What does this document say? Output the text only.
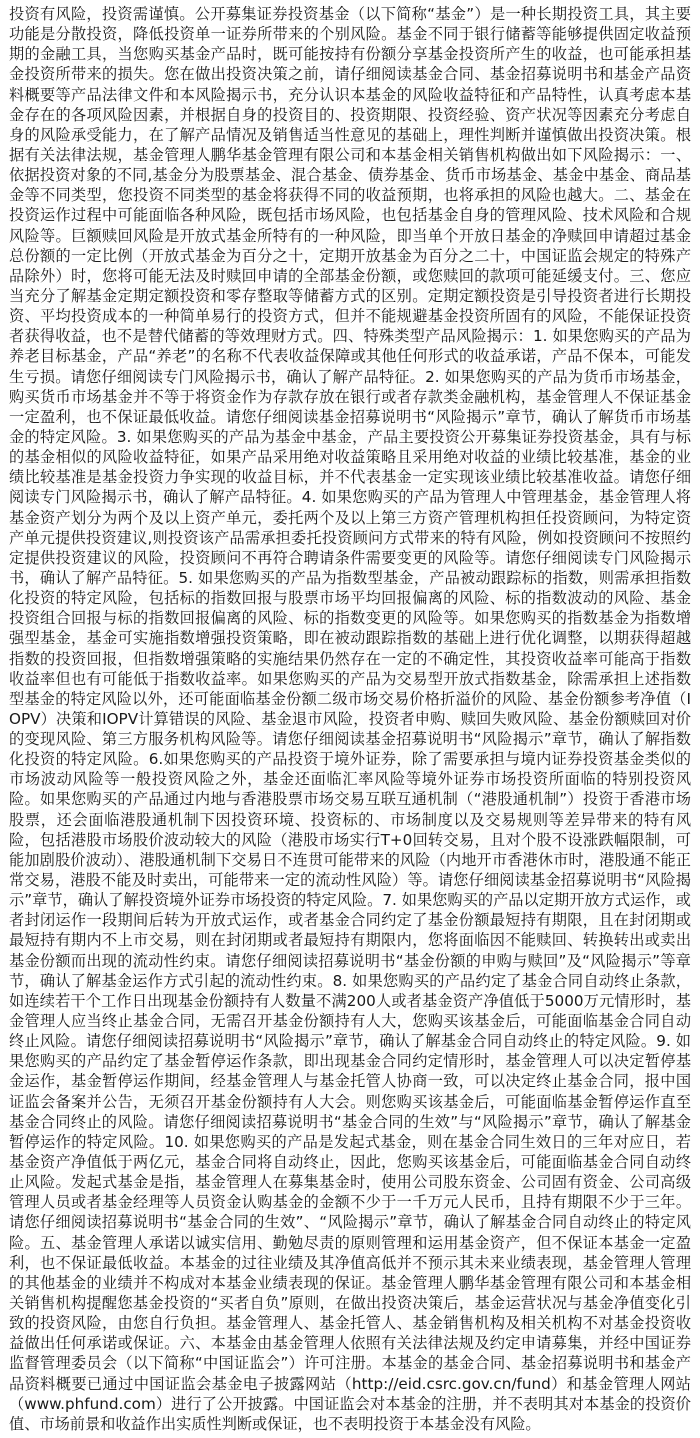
投资有风险，投资需谨慎。公开募集证券投资基金（以下简称“基金”）是一种长期投资工具，其主要功能是分散投资，降低投资单一证券所带来的个别风险。基金不同于银行储蓄等能够提供固定收益预期的金融工具，当您购买基金产品时，既可能按持有份额分享基金投资所产生的收益，也可能承担基金投资所带来的损失。您在做出投资决策之前，请仔细阅读基金合同、基金招募说明书和基金产品资料概要等产品法律文件和本风险揭示书，充分认识本基金的风险收益特征和产品特性，认真考虑本基金存在的各项风险因素，并根据自身的投资目的、投资期限、投资经验、资产状况等因素充分考虑自身的风险承受能力，在了解产品情况及销售适当性意见的基础上，理性判断并谨慎做出投资决策。根据有关法律法规，基金管理人鹏华基金管理有限公司和本基金相关销售机构做出如下风险揭示：一、依据投资对象的不同,基金分为股票基金、混合基金、债券基金、货币市场基金、基金中基金、商品基金等不同类型，您投资不同类型的基金将获得不同的收益预期，也将承担的风险也越大。二、基金在投资运作过程中可能面临各种风险，既包括市场风险，也包括基金自身的管理风险、技术风险和合规风险等。巨额赎回风险是开放式基金所特有的一种风险，即当单个开放日基金的净赎回申请超过基金总份额的一定比例（开放式基金为百分之十，定期开放基金为百分之二十，中国证监会规定的特殊产品除外）时，您将可能无法及时赎回申请的全部基金份额，或您赎回的款项可能延缓支付。三、您应当充分了解基金定期定额投资和零存整取等储蓄方式的区别。定期定额投资是引导投资者进行长期投资、平均投资成本的一种简单易行的投资方式，但并不能规避基金投资所固有的风险，不能保证投资者获得收益，也不是替代储蓄的等效理财方式。四、特殊类型产品风险揭示：1. 如果您购买的产品为养老目标基金，产品“养老”的名称不代表收益保障或其他任何形式的收益承诺，产品不保本，可能发生亏损。请您仔细阅读专门风险揭示书，确认了解产品特征。2. 如果您购买的产品为货币市场基金，购买货币市场基金并不等于将资金作为存款存放在银行或者存款类金融机构，基金管理人不保证基金一定盈利，也不保证最低收益。请您仔细阅读基金招募说明书“风险揭示”章节，确认了解货币市场基金的特定风险。3. 如果您购买的产品为基金中基金，产品主要投资公开募集证券投资基金，具有与标的基金相似的风险收益特征，如果产品采用绝对收益策略且采用绝对收益的业绩比较基准，基金的业绩比较基准是基金投资力争实现的收益目标，并不代表基金一定实现该业绩比较基准收益。请您仔细阅读专门风险揭示书，确认了解产品特征。4. 如果您购买的产品为管理人中管理基金，基金管理人将基金资产划分为两个及以上资产单元，委托两个及以上第三方资产管理机构担任投资顾问，为特定资产单元提供投资建议,则投资该产品需承担委托投资顾问方式带来的特有风险，例如投资顾问不按照约定提供投资建议的风险，投资顾问不再符合聘请条件需要变更的风险等。请您仔细阅读专门风险揭示书，确认了解产品特征。5. 如果您购买的产品为指数型基金，产品被动跟踪标的指数，则需承担指数化投资的特定风险，包括标的指数回报与股票市场平均回报偏离的风险、标的指数波动的风险、基金投资组合回报与标的指数回报偏离的风险、标的指数变更的风险等。如果您购买的指数基金为指数增强型基金，基金可实施指数增强投资策略，即在被动跟踪指数的基础上进行优化调整，以期获得超越指数的投资回报，但指数增强策略的实施结果仍然存在一定的不确定性，其投资收益率可能高于指数收益率但也有可能低于指数收益率。如果您购买的产品为交易型开放式指数基金，除需承担上述指数型基金的特定风险以外，还可能面临基金份额二级市场交易价格折溢价的风险、基金份额参考净值（IOPV）决策和IOPV计算错误的风险、基金退市风险，投资者申购、赎回失败风险、基金份额赎回对价的变现风险、第三方服务机构风险等。请您仔细阅读基金招募说明书“风险揭示”章节，确认了解指数化投资的特定风险。6.如果您购买的产品投资于境外证券，除了需要承担与境内证券投资基金类似的市场波动风险等一般投资风险之外，基金还面临汇率风险等境外证券市场投资所面临的特别投资风险。如果您购买的产品通过内地与香港股票市场交易互联互通机制（“港股通机制”）投资于香港市场股票，还会面临港股通机制下因投资环境、投资标的、市场制度以及交易规则等差异带来的特有风险，包括港股市场股价波动较大的风险（港股市场实行T+0回转交易，且对个股不设涨跌幅限制，可能加剧股价波动）、港股通机制下交易日不连贯可能带来的风险（内地开市香港休市时，港股通不能正常交易，港股不能及时卖出，可能带来一定的流动性风险）等。请您仔细阅读基金招募说明书“风险揭示”章节，确认了解投资境外证券市场投资的特定风险。7. 如果您购买的产品以定期开放方式运作，或者封闭运作一段期间后转为开放式运作，或者基金合同约定了基金份额最短持有期限，且在封闭期或最短持有期内不上市交易，则在封闭期或者最短持有期限内，您将面临因不能赎回、转换转出或卖出基金份额而出现的流动性约束。请您仔细阅读招募说明书“基金份额的申购与赎回”及“风险揭示”等章节，确认了解基金运作方式引起的流动性约束。8. 如果您购买的产品约定了基金合同自动终止条款，如连续若干个工作日出现基金份额持有人数量不满200人或者基金资产净值低于5000万元情形时，基金管理人应当终止基金合同，无需召开基金份额持有人大，您购买该基金后，可能面临基金合同自动终止风险。请您仔细阅读招募说明书“风险揭示”章节，确认了解基金合同自动终止的特定风险。9. 如果您购买的产品约定了基金暂停运作条款，即出现基金合同约定情形时，基金管理人可以决定暂停基金运作，基金暂停运作期间，经基金管理人与基金托管人协商一致，可以决定终止基金合同，报中国证监会备案并公告，无须召开基金份额持有人大会。则您购买该基金后，可能面临基金暂停运作直至基金合同终止的风险。请您仔细阅读招募说明书“基金合同的生效”与“风险揭示”章节，确认了解基金暂停运作的特定风险。10. 如果您购买的产品是发起式基金，则在基金合同生效日的三年对应日，若基金资产净值低于两亿元，基金合同将自动终止，因此，您购买该基金后，可能面临基金合同自动终止风险。发起式基金是指，基金管理人在募集基金时，使用公司股东资金、公司固有资金、公司高级管理人员或者基金经理等人员资金认购基金的金额不少于一千万元人民币，且持有期限不少于三年。请您仔细阅读招募说明书“基金合同的生效”、“风险揭示”章节，确认了解基金合同自动终止的特定风险。五、基金管理人承诺以诚实信用、勤勉尽责的原则管理和运用基金资产，但不保证本基金一定盈利，也不保证最低收益。本基金的过往业绩及其净值高低并不预示其未来业绩表现，基金管理人管理的其他基金的业绩并不构成对本基金业绩表现的保证。基金管理人鹏华基金管理有限公司和本基金相关销售机构提醒您基金投资的“买者自负”原则，在做出投资决策后，基金运营状况与基金净值变化引致的投资风险，由您自行负担。基金管理人、基金托管人、基金销售机构及相关机构不对基金投资收益做出任何承诺或保证。六、本基金由基金管理人依照有关法律法规及约定申请募集，并经中国证券监督管理委员会（以下简称“中国证监会”）许可注册。本基金的基金合同、基金招募说明书和基金产品资料概要已通过中国证监会基金电子披露网站（http://eid.csrc.gov.cn/fund）和基金管理人网站（www.phfund.com）进行了公开披露。中国证监会对本基金的注册，并不表明其对本基金的投资价值、市场前景和收益作出实质性判断或保证，也不表明投资于本基金没有风险。
